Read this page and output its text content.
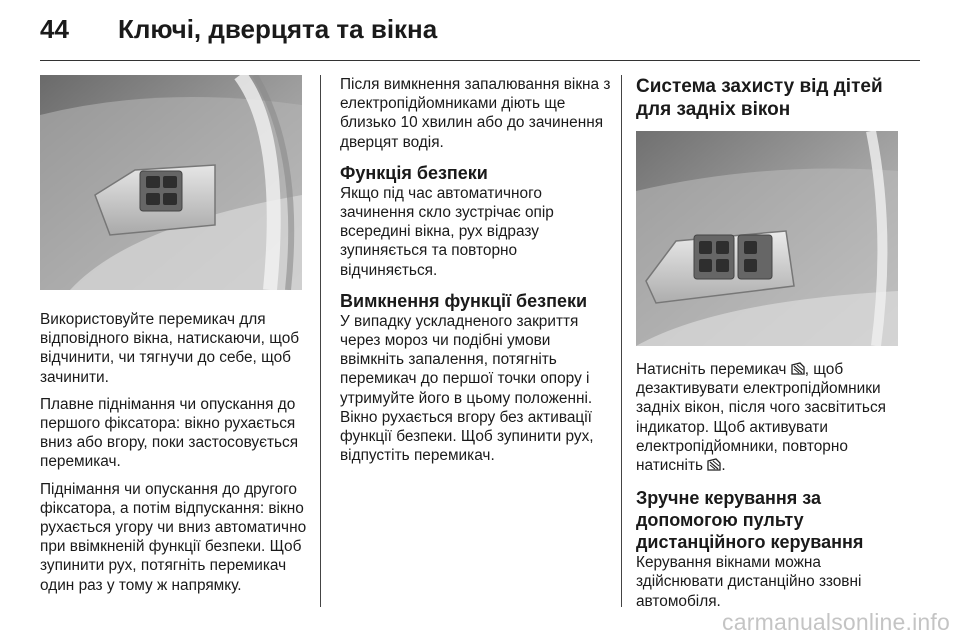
44 Ключі, дверцята та вікна

Використовуйте перемикач для відповідного вікна, натискаючи, щоб відчинити, чи тягнучи до себе, щоб зачинити.

Плавне піднімання чи опускання до першого фіксатора: вікно рухається вниз або вгору, поки застосовується перемикач.

Піднімання чи опускання до другого фіксатора, а потім відпускання: вікно рухається угору чи вниз автоматично при ввімкненій функції безпеки. Щоб зупинити рух, потягніть перемикач один раз у тому ж напрямку.

Після вимкнення запалювання вікна з електропідйомниками діють ще близько 10 хвилин або до зачинення дверцят водія.

Функція безпеки

Якщо під час автоматичного зачинення скло зустрічає опір всередині вікна, рух відразу зупиняється та повторно відчиняється.

Вимкнення функції безпеки

У випадку ускладненого закриття через мороз чи подібні умови ввімкніть запалення, потягніть перемикач до першої точки опору і утримуйте його в цьому положенні. Вікно рухається вгору без активації функції безпеки. Щоб зупинити рух, відпустіть перемикач.

Система захисту від дітей для задніх вікон

Натисніть перемикач , щоб дезактивувати електропідйомники задніх вікон, після чого засвітиться індикатор. Щоб активувати електропідйомники, повторно натисніть .

Зручне керування за допомогою пульту дистанційного керування

Керування вікнами можна здійснювати дистанційно ззовні автомобіля.

carmanualsonline.info
